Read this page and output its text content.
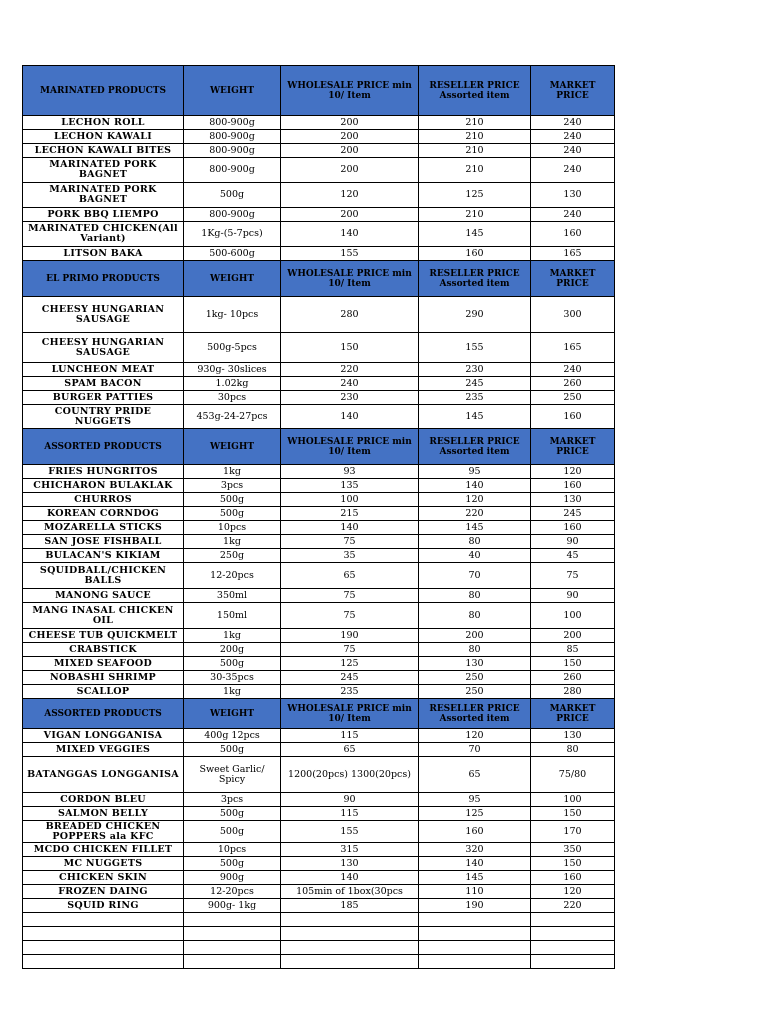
MARINATED PRODUCTS	WEIGHT	WHOLESALE PRICE min 10/ Item	RESELLER PRICE Assorted item	MARKET PRICE
LECHON ROLL	800-900g	200	210	240
LECHON KAWALI	800-900g	200	210	240
LECHON KAWALI BITES	800-900g	200	210	240
MARINATED PORK BAGNET	800-900g	200	210	240
MARINATED PORK BAGNET	500g	120	125	130
PORK BBQ LIEMPO	800-900g	200	210	240
MARINATED CHICKEN(All Variant)	1Kg-(5-7pcs)	140	145	160
LITSON BAKA	500-600g	155	160	165
EL PRIMO PRODUCTS	WEIGHT	WHOLESALE PRICE min 10/ Item	RESELLER PRICE Assorted item	MARKET PRICE
CHEESY HUNGARIAN SAUSAGE	1kg- 10pcs	280	290	300
CHEESY HUNGARIAN SAUSAGE	500g-5pcs	150	155	165
LUNCHEON MEAT	930g- 30slices	220	230	240
SPAM BACON	1.02kg	240	245	260
BURGER PATTIES	30pcs	230	235	250
COUNTRY PRIDE NUGGETS	453g-24-27pcs	140	145	160
ASSORTED PRODUCTS	WEIGHT	WHOLESALE PRICE min 10/ Item	RESELLER PRICE Assorted item	MARKET PRICE
FRIES HUNGRITOS	1kg	93	95	120
CHICHARON BULAKLAK	3pcs	135	140	160
CHURROS	500g	100	120	130
KOREAN CORNDOG	500g	215	220	245
MOZARELLA STICKS	10pcs	140	145	160
SAN JOSE FISHBALL	1kg	75	80	90
BULACAN'S KIKIAM	250g	35	40	45
SQUIDBALL/CHICKEN BALLS	12-20pcs	65	70	75
MANONG SAUCE	350ml	75	80	90
MANG INASAL CHICKEN OIL	150ml	75	80	100
CHEESE TUB QUICKMELT	1kg	190	200	200
CRABSTICK	200g	75	80	85
MIXED SEAFOOD	500g	125	130	150
NOBASHI SHRIMP	30-35pcs	245	250	260
SCALLOP	1kg	235	250	280
ASSORTED PRODUCTS	WEIGHT	WHOLESALE PRICE min 10/ Item	RESELLER PRICE Assorted item	MARKET PRICE
VIGAN LONGGANISA	400g 12pcs	115	120	130
MIXED VEGGIES	500g	65	70	80
BATANGGAS LONGGANISA	Sweet Garlic/ Spicy	1200(20pcs) 1300(20pcs)	65	75/80
CORDON BLEU	3pcs	90	95	100
SALMON BELLY	500g	115	125	150
BREADED CHICKEN POPPERS ala KFC	500g	155	160	170
MCDO CHICKEN FILLET	10pcs	315	320	350
MC NUGGETS	500g	130	140	150
CHICKEN SKIN	900g	140	145	160
FROZEN DAING	12-20pcs	105min of 1box(30pcs	110	120
SQUID RING	900g- 1kg	185	190	220
